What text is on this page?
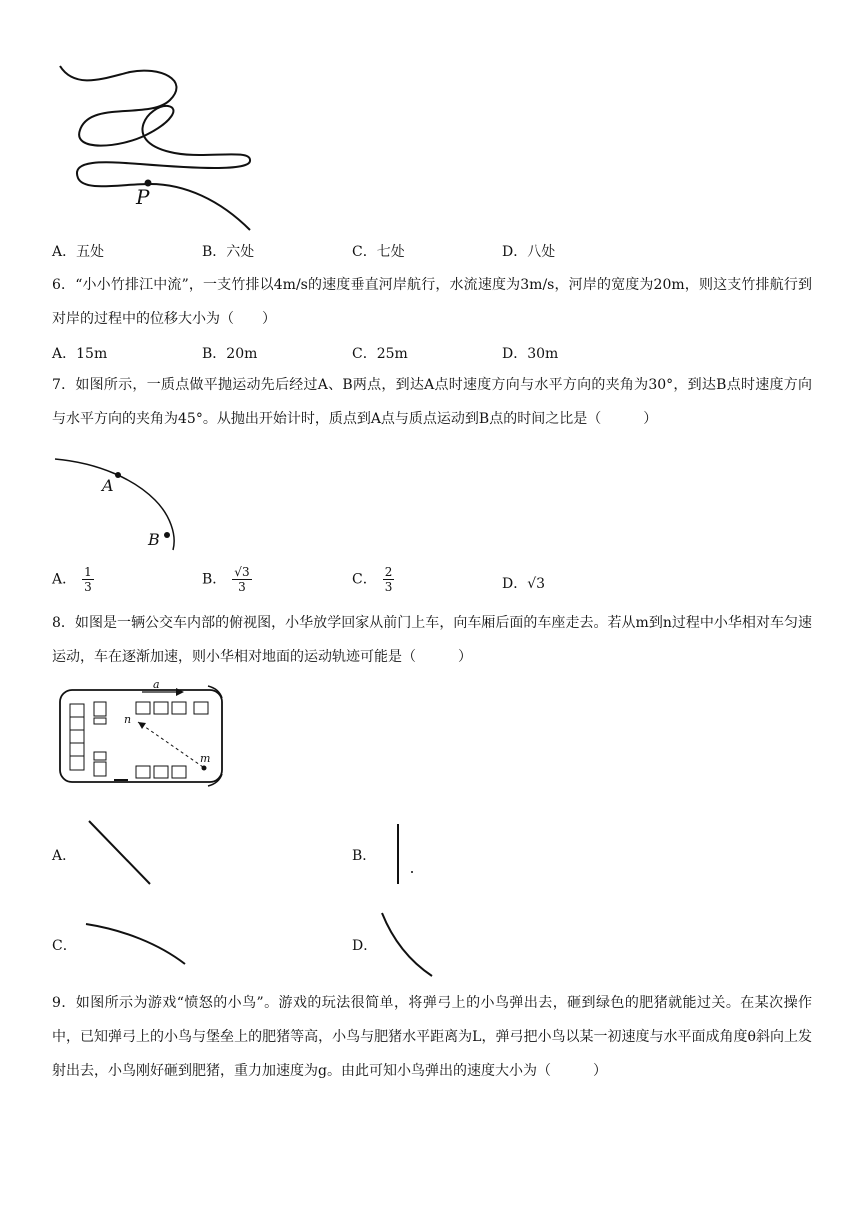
P
A．五处	B．六处	C．七处	D．八处
6．“小小竹排江中流”，一支竹排以4m/s的速度垂直河岸航行，水流速度为3m/s，河岸的宽度为20m，则这支竹排航行到对岸的过程中的位移大小为（　　）
A．15m	B．20m	C．25m	D．30m
7．如图所示，一质点做平抛运动先后经过A、B两点，到达A点时速度方向与水平方向的夹角为30°，到达B点时速度方向与水平方向的夹角为45°。从抛出开始计时，质点到A点与质点运动到B点的时间之比是（　　　）
A
B
A． $\frac{1}{3}$	B． $\frac{√3}{3}$	C． $\frac{2}{3}$	D．√3
8．如图是一辆公交车内部的俯视图，小华放学回家从前门上车，向车厢后面的车座走去。若从m到n过程中小华相对车匀速运动，车在逐渐加速，则小华相对地面的运动轨迹可能是（　　　）
a
n
m
A．	B．
C．	D．
9．如图所示为游戏“愤怒的小鸟”。游戏的玩法很简单，将弹弓上的小鸟弹出去，砸到绿色的肥猪就能过关。在某次操作中，已知弹弓上的小鸟与堡垒上的肥猪等高，小鸟与肥猪水平距离为L，弹弓把小鸟以某一初速度与水平面成角度θ斜向上发射出去，小鸟刚好砸到肥猪，重力加速度为g。由此可知小鸟弹出的速度大小为（　　　）
